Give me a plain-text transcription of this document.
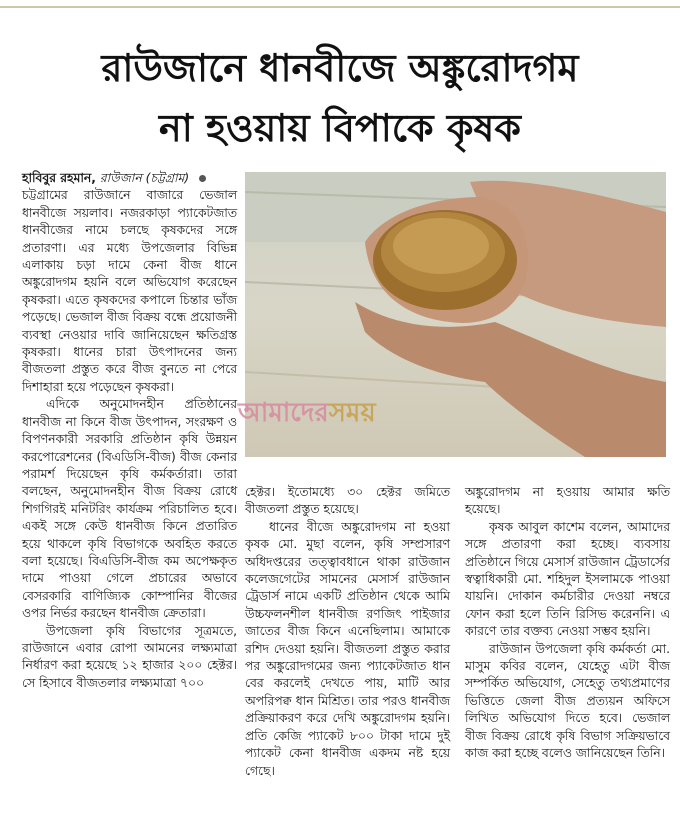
রাউজানে ধানবীজে অঙ্কুরোদগম
না হওয়ায় বিপাকে কৃষক

হাবিবুর রহমান, রাউজান (চট্টগ্রাম)

চট্টগ্রামের রাউজানে বাজারে ভেজাল ধানবীজে সয়লাব। নজরকাড়া প্যাকেটজাত ধানবীজের নামে চলছে কৃষকদের সঙ্গে প্রতারণা। এর মধ্যে উপজেলার বিভিন্ন এলাকায় চড়া দামে কেনা বীজ ধানে অঙ্কুরোদগম হয়নি বলে অভিযোগ করেছেন কৃষকরা। এতে কৃষকদের কপালে চিন্তার ভাঁজ পড়েছে। ভেজাল বীজ বিক্রয় বন্ধে প্রয়োজনী ব্যবস্থা নেওয়ার দাবি জানিয়েছেন ক্ষতিগ্রস্ত কৃষকরা। ধানের চারা উৎপাদনের জন্য বীজতলা প্রস্তুত করে বীজ বুনতে না পেরে দিশাহারা হয়ে পড়েছেন কৃষকরা।

এদিকে অনুমোদনহীন প্রতিষ্ঠানের ধানবীজ না কিনে বীজ উৎপাদন, সংরক্ষণ ও বিপণনকারী সরকারি প্রতিষ্ঠান কৃষি উন্নয়ন করপোরেশনের (বিএডিসি-বীজ) বীজ কেনার পরামর্শ দিয়েছেন কৃষি কর্মকর্তারা। তারা বলছেন, অনুমোদনহীন বীজ বিক্রয় রোধে শিগগিরই মনিটরিং কার্যক্রম পরিচালিত হবে। একই সঙ্গে কেউ ধানবীজ কিনে প্রতারিত হয়ে থাকলে কৃষি বিভাগকে অবহিত করতে বলা হয়েছে। বিএডিসি-বীজ কম অপেক্ষকৃত দামে পাওয়া গেলে প্রচারের অভাবে বেসরকারি বাণিজ্যিক কোম্পানির বীজের ওপর নির্ভর করছেন ধানবীজ ক্রেতারা।

উপজেলা কৃষি বিভাগের সূত্রমতে, রাউজানে এবার রোপা আমনের লক্ষ্যমাত্রা নির্ধারণ করা হয়েছে ১২ হাজার ২০০ হেক্টর। সে হিসাবে বীজতলার লক্ষ্যমাত্রা ৭০০

আমাদেরসময়

হেক্টর। ইতোমধ্যে ৩০ হেক্টর জমিতে বীজতলা প্রস্তুত হয়েছে।

ধানের বীজে অঙ্কুরোদগম না হওয়া কৃষক মো. মুছা বলেন, কৃষি সম্প্রসারণ অধিদপ্তরের তত্ত্বাবধানে থাকা রাউজান কলেজগেটের সামনের মেসার্স রাউজান ট্রেডার্স নামে একটি প্রতিষ্ঠান থেকে আমি উচ্চফলনশীল ধানবীজ রণজিৎ পাইজার জাতের বীজ কিনে এনেছিলাম। আমাকে রশিদ দেওয়া হয়নি। বীজতলা প্রস্তুত করার পর অঙ্কুরোদগমের জন্য প্যাকেটজাত ধান বের করলেই দেখতে পায়, মাটি আর অপরিপক্ব ধান মিশ্রিত। তার পরও ধানবীজ প্রক্রিয়াকরণ করে দেখি অঙ্কুরোদগম হয়নি। প্রতি কেজি প্যাকেট ৮০০ টাকা দামে দুই প্যাকেট কেনা ধানবীজ একদম নষ্ট হয়ে গেছে।

অঙ্কুরোদগম না হওয়ায় আমার ক্ষতি হয়েছে।

কৃষক আবুল কাশেম বলেন, আমাদের সঙ্গে প্রতারণা করা হচ্ছে। ব্যবসায় প্রতিষ্ঠানে গিয়ে মেসার্স রাউজান ট্রেডার্সের স্বত্বাধিকারী মো. শহিদুল ইসলামকে পাওয়া যায়নি। দোকান কর্মচারীর দেওয়া নম্বরে ফোন করা হলে তিনি রিসিভ করেননি। এ কারণে তার বক্তব্য নেওয়া সম্ভব হয়নি।

রাউজান উপজেলা কৃষি কর্মকর্তা মো. মাসুম কবির বলেন, যেহেতু এটা বীজ সম্পর্কিত অভিযোগ, সেহেতু তথ্যপ্রমাণের ভিত্তিতে জেলা বীজ প্রত্যয়ন অফিসে লিখিত অভিযোগ দিতে হবে। ভেজাল বীজ বিক্রয় রোধে কৃষি বিভাগ সক্রিয়ভাবে কাজ করা হচ্ছে বলেও জানিয়েছেন তিনি।
